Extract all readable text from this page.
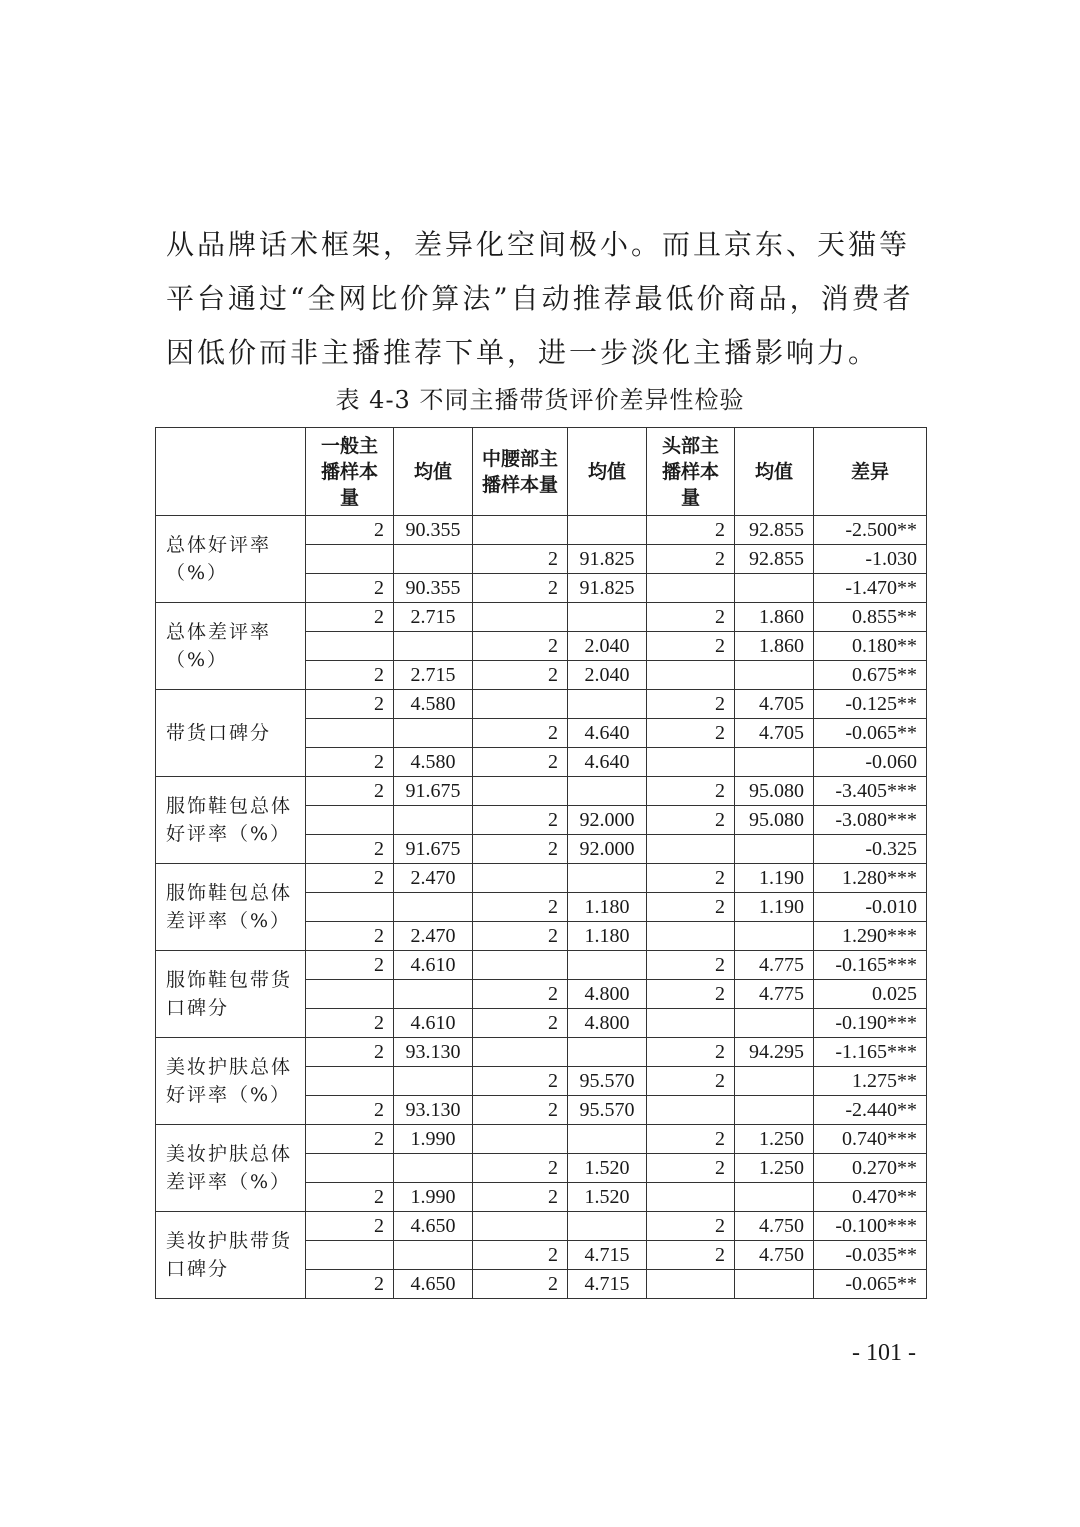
从品牌话术框架，差异化空间极小。而且京东、天猫等平台通过“全网比价算法”自动推荐最低价商品，消费者因低价而非主播推荐下单，进一步淡化主播影响力。

表 4-3 不同主播带货评价差异性检验
	一般主播样本量	均值	中腰部主播样本量	均值	头部主播样本量	均值	差异
总体好评率（%）	2	90.355			2	92.855	-2.500**
			2	91.825	2	92.855	-1.030
	2	90.355	2	91.825			-1.470**
总体差评率（%）	2	2.715			2	1.860	0.855**
			2	2.040	2	1.860	0.180**
	2	2.715	2	2.040			0.675**
带货口碑分	2	4.580			2	4.705	-0.125**
			2	4.640	2	4.705	-0.065**
	2	4.580	2	4.640			-0.060
服饰鞋包总体好评率（%）	2	91.675			2	95.080	-3.405***
			2	92.000	2	95.080	-3.080***
	2	91.675	2	92.000			-0.325
服饰鞋包总体差评率（%）	2	2.470			2	1.190	1.280***
			2	1.180	2	1.190	-0.010
	2	2.470	2	1.180			1.290***
服饰鞋包带货口碑分	2	4.610			2	4.775	-0.165***
			2	4.800	2	4.775	0.025
	2	4.610	2	4.800			-0.190***
美妆护肤总体好评率（%）	2	93.130			2	94.295	-1.165***
			2	95.570	2		1.275**
	2	93.130	2	95.570			-2.440**
美妆护肤总体差评率（%）	2	1.990			2	1.250	0.740***
			2	1.520	2	1.250	0.270**
	2	1.990	2	1.520			0.470**
美妆护肤带货口碑分	2	4.650			2	4.750	-0.100***
			2	4.715	2	4.750	-0.035**
	2	4.650	2	4.715			-0.065**
- 101 -
